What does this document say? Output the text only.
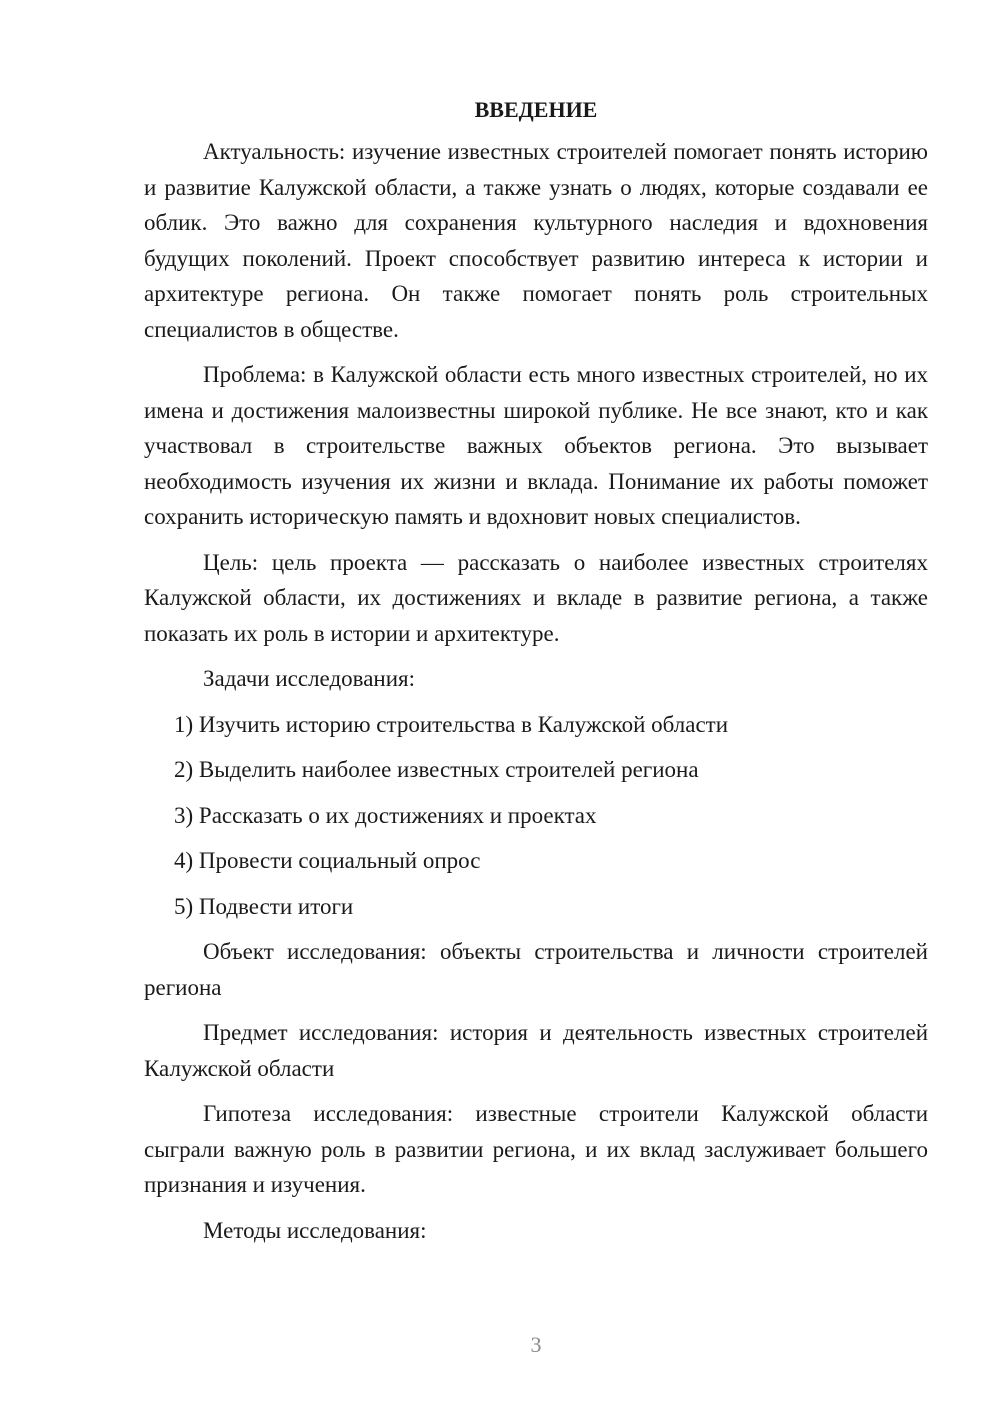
ВВЕДЕНИЕ

Актуальность: изучение известных строителей помогает понять историю и развитие Калужской области, а также узнать о людях, которые создавали ее облик. Это важно для сохранения культурного наследия и вдохновения будущих поколений. Проект способствует развитию интереса к истории и архитектуре региона. Он также помогает понять роль строительных специалистов в обществе.

Проблема: в Калужской области есть много известных строителей, но их имена и достижения малоизвестны широкой публике. Не все знают, кто и как участвовал в строительстве важных объектов региона. Это вызывает необходимость изучения их жизни и вклада. Понимание их работы поможет сохранить историческую память и вдохновит новых специалистов.

Цель: цель проекта — рассказать о наиболее известных строителях Калужской области, их достижениях и вкладе в развитие региона, а также показать их роль в истории и архитектуре.

Задачи исследования:

1) Изучить историю строительства в Калужской области
2) Выделить наиболее известных строителей региона
3) Рассказать о их достижениях и проектах
4) Провести социальный опрос
5) Подвести итоги

Объект исследования: объекты строительства и личности строителей региона

Предмет исследования: история и деятельность известных строителей Калужской области

Гипотеза исследования: известные строители Калужской области сыграли важную роль в развитии региона, и их вклад заслуживает большего признания и изучения.

Методы исследования:

3
